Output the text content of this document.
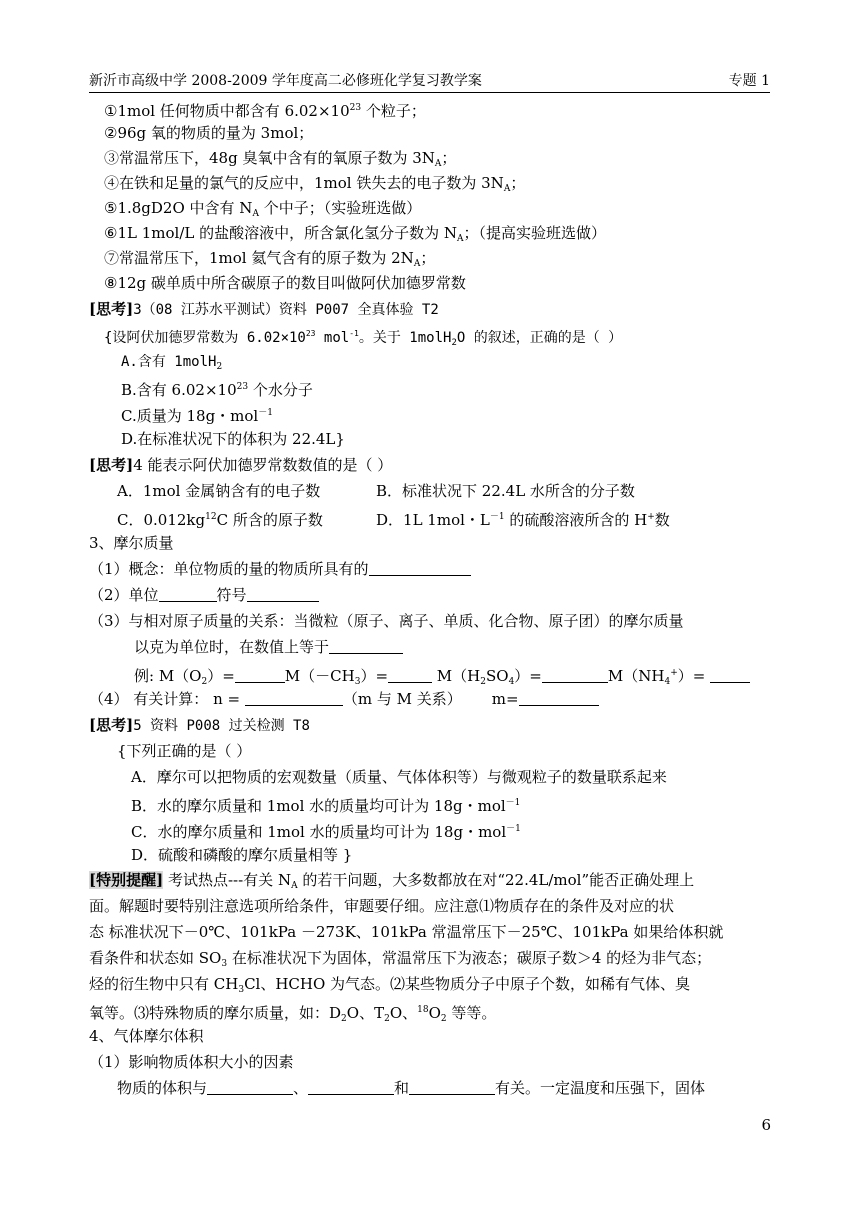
新沂市高级中学 2008-2009 学年度高二必修班化学复习教学案	专题 1
①1mol 任何物质中都含有 $6.02\times 10^{23}$ 个粒子；
②96g 氧的物质的量为 3mol；
③常温常压下，48g 臭氧中含有的氧原子数为 $3N_A$；
④在铁和足量的氯气的反应中，1mol 铁失去的电子数为 $3N_A$；
⑤1.8gD2O 中含有 $N_A$ 个中子；（实验班选做）
⑥1L 1mol/L 的盐酸溶液中，所含氯化氢分子数为 $N_A$；（提高实验班选做）
⑦常温常压下，1mol 氦气含有的原子数为 $2N_A$；
⑧12g 碳单质中所含碳原子的数目叫做阿伏加德罗常数
[思考]3（08 江苏水平测试）资料 P007 全真体验 T2
{设阿伏加德罗常数为 $6.02\times 10^{23}$ mol$^{-1}$。关于 1molH$_2$O 的叙述，正确的是（ ）
A.含有 1molH$_2$
B.含有 $6.02\times 10^{23}$ 个水分子
C.质量为 18g・mol$^{-1}$
D.在标准状况下的体积为 22.4L}
[思考]4 能表示阿伏加德罗常数数值的是（ ）
A．1mol 金属钠含有的电子数	B．标准状况下 22.4L 水所含的分子数
C．$0.012kg^{12}C$ 所含的原子数	D．1L 1mol・$L^{-1}$ 的硫酸溶液所含的 H+数
3、摩尔质量
（1）概念：单位物质的量的物质所具有的
（2）单位	符号
（3）与相对原子质量的关系：当微粒（原子、离子、单质、化合物、原子团）的摩尔质量
以克为单位时，在数值上等于
例: $M(O_2)=$	$M(-CH_3)=$	$M(H_2SO_4)=$	$M(NH_4^+)=$
（4） 有关计算： n =	（m 与 M 关系） m=
[思考]5 资料 P008 过关检测 T8
{下列正确的是（ ）
A．摩尔可以把物质的宏观数量（质量、气体体积等）与微观粒子的数量联系起来
B．水的摩尔质量和 1mol 水的质量均可计为 18g・mol$^{-1}$
C．水的摩尔质量和 1mol 水的质量均可计为 18g・mol$^{-1}$
D．硫酸和磷酸的摩尔质量相等 }
[特别提醒] 考试热点---有关 $N_A$ 的若干问题，大多数都放在对“22.4L/mol”能否正确处理上
面。解题时要特别注意选项所给条件，审题要仔细。应注意⑴物质存在的条件及对应的状
态 标准状况下－0℃、101kPa －273K、101kPa 常温常压下－25℃、101kPa 如果给体积就
看条件和状态如 $SO_3$ 在标准状况下为固体，常温常压下为液态；碳原子数＞4 的烃为非气态；
烃的衍生物中只有 $CH_3Cl$、HCHO 为气态。⑵某些物质分子中原子个数，如稀有气体、臭
氧等。⑶特殊物质的摩尔质量，如：$D_2O$、$T_2O$、$^{18}O_2$ 等等。
4、气体摩尔体积
（1）影响物质体积大小的因素
物质的体积与	、	和	有关。一定温度和压强下，固体
6
